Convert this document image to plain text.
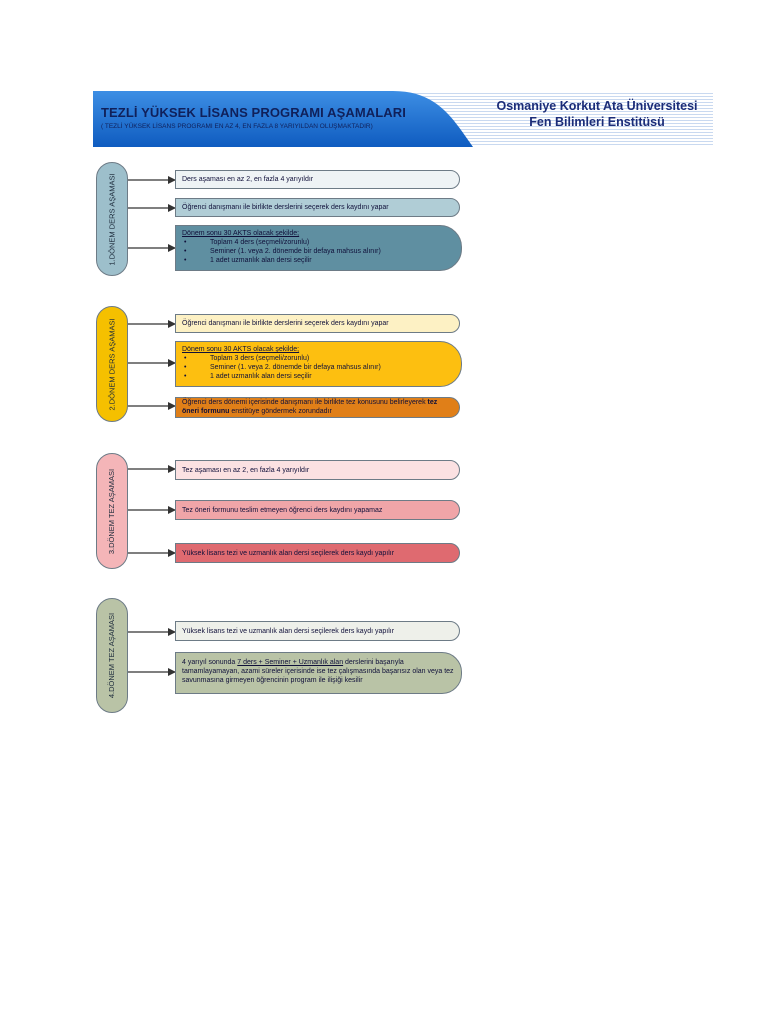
TEZLİ YÜKSEK LİSANS PROGRAMI AŞAMALARI
( TEZLİ YÜKSEK LİSANS PROGRAMI EN AZ 4, EN FAZLA 8 YARIYILDAN OLUŞMAKTADIR)
Osmaniye Korkut Ata Üniversitesi
Fen Bilimleri Enstitüsü
1.DÖNEM DERS AŞAMASI	Ders aşaması en az 2, en fazla 4 yarıyıldır
Öğrenci danışmanı ile birlikte derslerini seçerek ders kaydını yapar
Dönem sonu 30 AKTS olacak şekilde;
• Toplam 4 ders (seçmeli/zorunlu)
• Seminer (1. veya 2. dönemde bir defaya mahsus alınır)
• 1 adet uzmanlık alan dersi seçilir
2.DÖNEM DERS AŞAMASI	Öğrenci danışmanı ile birlikte derslerini seçerek ders kaydını yapar
Dönem sonu 30 AKTS olacak şekilde;
• Toplam 3 ders (seçmeli/zorunlu)
• Seminer (1. veya 2. dönemde bir defaya mahsus alınır)
• 1 adet uzmanlık alan dersi seçilir
Öğrenci ders dönemi içerisinde danışmanı ile birlikte tez konusunu belirleyerek tez öneri formunu enstitüye göndermek zorundadır
3.DÖNEM TEZ AŞAMASI	Tez aşaması en az 2, en fazla 4 yarıyıldır
Tez öneri formunu teslim etmeyen öğrenci ders kaydını yapamaz
Yüksek lisans tezi ve uzmanlık alan dersi seçilerek ders kaydı yapılır
4.DÖNEM TEZ AŞAMASI	Yüksek lisans tezi ve uzmanlık alan dersi seçilerek ders kaydı yapılır
4 yarıyıl sonunda 7 ders + Seminer + Uzmanlık alan derslerini başarıyla tamamlayamayan, azami süreler içerisinde ise tez çalışmasında başarısız olan veya tez savunmasına girmeyen öğrencinin program ile ilişiği kesilir
